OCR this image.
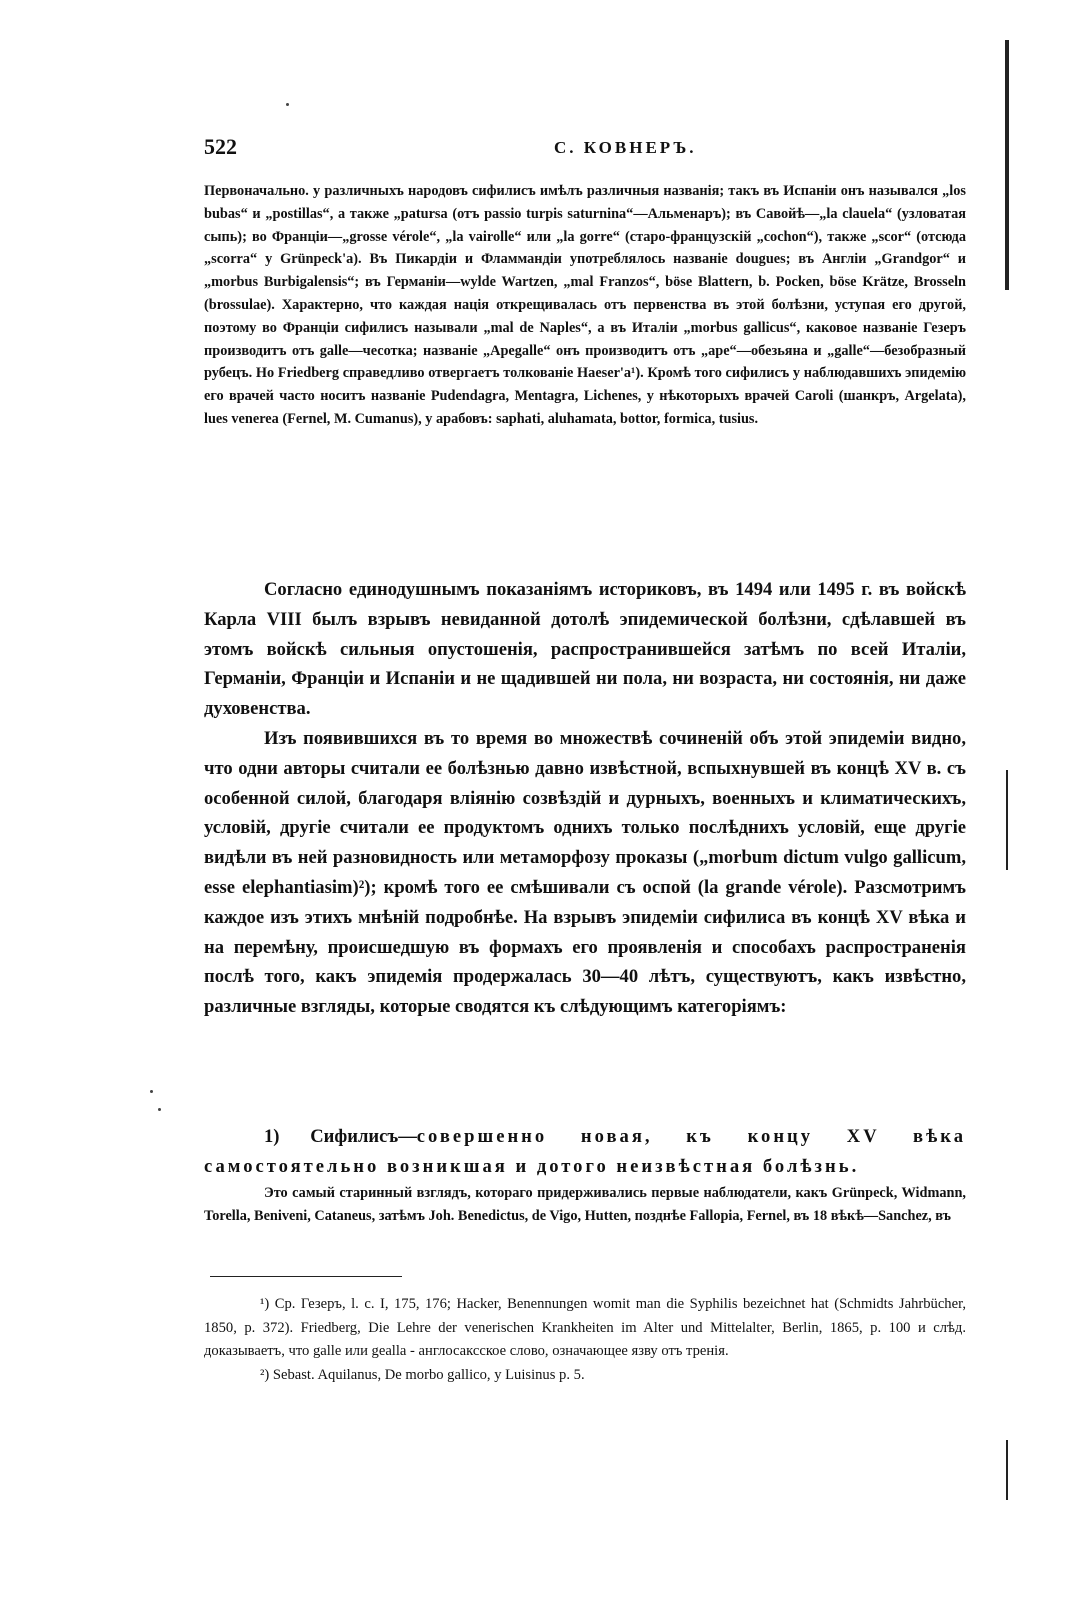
522	С. КОВНЕРЪ.

Первоначально. у различныхъ народовъ сифилисъ имѣлъ различныя названія; такъ въ Испаніи онъ назывался „los bubas“ и „postillas“, а также „patursa (отъ passio turpis saturnina“—Альменаръ); въ Савойѣ—„la clauela“ (узловатая сыпь); во Франціи—„grosse vérole“, „la vairolle“ или „la gorre“ (старо-французскій „cochon“), также „scor“ (отсюда „scorra“ у Grünpeck'а). Въ Пикардіи и Фламмандіи употреблялось названіе dougues; въ Англіи „Grandgor“ и „morbus Burbigalensis“; въ Германіи—wylde Wartzen, „mal Franzos“, böse Blattern, b. Pocken, böse Krätze, Brosseln (brossulae). Характерно, что каждая нація открещивалась отъ первенства въ этой болѣзни, уступая его другой, поэтому во Франціи сифилисъ называли „mal de Naples“, а въ Италіи „morbus gallicus“, каковое названіе Гезеръ производитъ отъ galle—чесотка; названіе „Apegalle“ онъ производитъ отъ „ape“—обезьяна и „galle“—безобразный рубецъ. Но Friedberg справедливо отвергаетъ толкованіе Haeser'а¹). Кромѣ того сифилисъ у наблюдавшихъ эпидемію его врачей часто носитъ названіе Pudendagra, Mentagra, Lichenes, у нѣкоторыхъ врачей Caroli (шанкръ, Argelata), lues venerea (Fernel, M. Cumanus), у арабовъ: saphati, aluhamata, bottor, formica, tusius.

Согласно единодушнымъ показаніямъ историковъ, въ 1494 или 1495 г. въ войскѣ Карла VIII былъ взрывъ невиданной дотолѣ эпидемической болѣзни, сдѣлавшей въ этомъ войскѣ сильныя опустошенія, распространившейся затѣмъ по всей Италіи, Германіи, Франціи и Испаніи и не щадившей ни пола, ни возраста, ни состоянія, ни даже духовенства.

Изъ появившихся въ то время во множествѣ сочиненій объ этой эпидеміи видно, что одни авторы считали ее болѣзнью давно извѣстной, вспыхнувшей въ концѣ XV в. съ особенной силой, благодаря вліянію созвѣздій и дурныхъ, военныхъ и климатическихъ, условій, другіе считали ее продуктомъ однихъ только послѣднихъ условій, еще другіе видѣли въ ней разновидность или метаморфозу проказы („morbum dictum vulgo gallicum, esse elephantiasim)²); кромѣ того ее смѣшивали съ оспой (la grande vérole). Разсмотримъ каждое изъ этихъ мнѣній подробнѣе. На взрывъ эпидеміи сифилиса въ концѣ XV вѣка и на перемѣну, происшедшую въ формахъ его проявленія и способахъ распространенія послѣ того, какъ эпидемія продержалась 30—40 лѣтъ, существуютъ, какъ извѣстно, различные взгляды, которые сводятся къ слѣдующимъ категоріямъ:

1) Сифилисъ—совершенно новая, къ концу XV вѣка самостоятельно возникшая и дотого неизвѣстная болѣзнь.

Это самый старинный взглядъ, котораго придерживались первые наблюдатели, какъ Grünpeck, Widmann, Torella, Beniveni, Cataneus, затѣмъ Joh. Benedictus, de Vigo, Hutten, позднѣе Fallopia, Fernel, въ 18 вѣкѣ—Sanchez, въ

¹) Ср. Гезеръ, l. c. I, 175, 176; Hacker, Benennungen womit man die Syphilis bezeichnet hat (Schmidts Jahrbücher, 1850, p. 372). Friedberg, Die Lehre der venerischen Krankheiten im Alter und Mittelalter, Berlin, 1865, p. 100 и слѣд. доказываетъ, что galle или gealla - англосаксское слово, означающее язву отъ тренія.

²) Sebast. Aquilanus, De morbo gallico, y Luisinus p. 5.
